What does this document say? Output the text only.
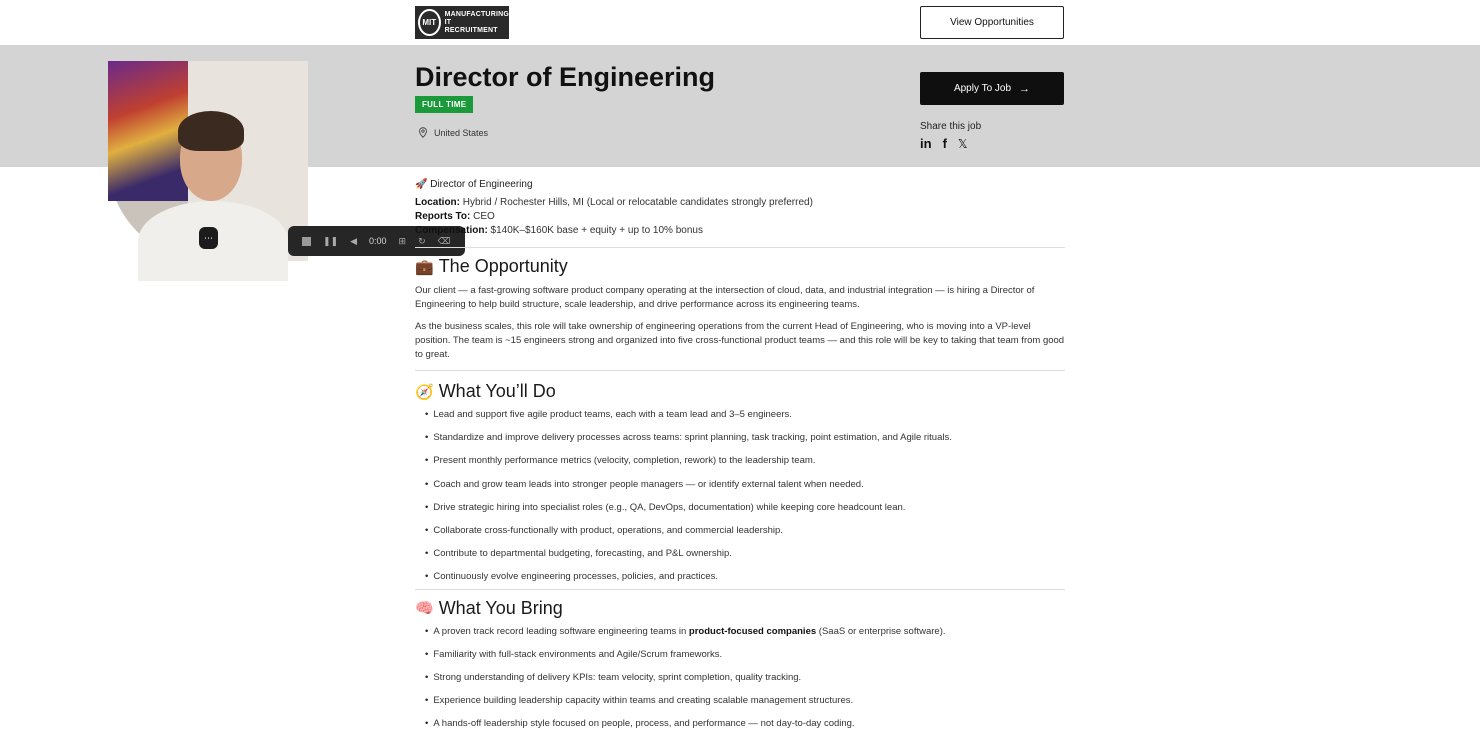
MIT
MANUFACTURING IT
RECRUITMENT
View Opportunities
Director of Engineering
FULL TIME
United States
Apply To Job →
Share this job
in f 𝕏
⋯	❚❚ ◀ 0:00 ⊞ ↻ ⌫
🚀 Director of Engineering
Location: Hybrid / Rochester Hills, MI (Local or relocatable candidates strongly preferred)
Reports To: CEO
Compensation: $140K–$160K base + equity + up to 10% bonus
💼 The Opportunity

Our client — a fast-growing software product company operating at the intersection of cloud, data, and industrial integration — is hiring a Director of Engineering to help build structure, scale leadership, and drive performance across its engineering teams.

As the business scales, this role will take ownership of engineering operations from the current Head of Engineering, who is moving into a VP-level position. The team is ~15 engineers strong and organized into five cross-functional product teams — and this role will be key to taking that team from good to great.

🧭 What You’ll Do
• Lead and support five agile product teams, each with a team lead and 3–5 engineers.
• Standardize and improve delivery processes across teams: sprint planning, task tracking, point estimation, and Agile rituals.
• Present monthly performance metrics (velocity, completion, rework) to the leadership team.
• Coach and grow team leads into stronger people managers — or identify external talent when needed.
• Drive strategic hiring into specialist roles (e.g., QA, DevOps, documentation) while keeping core headcount lean.
• Collaborate cross-functionally with product, operations, and commercial leadership.
• Contribute to departmental budgeting, forecasting, and P&L ownership.
• Continuously evolve engineering processes, policies, and practices.
🧠 What You Bring
• A proven track record leading software engineering teams in product-focused companies (SaaS or enterprise software).
• Familiarity with full-stack environments and Agile/Scrum frameworks.
• Strong understanding of delivery KPIs: team velocity, sprint completion, quality tracking.
• Experience building leadership capacity within teams and creating scalable management structures.
• A hands-off leadership style focused on people, process, and performance — not day-to-day coding.
